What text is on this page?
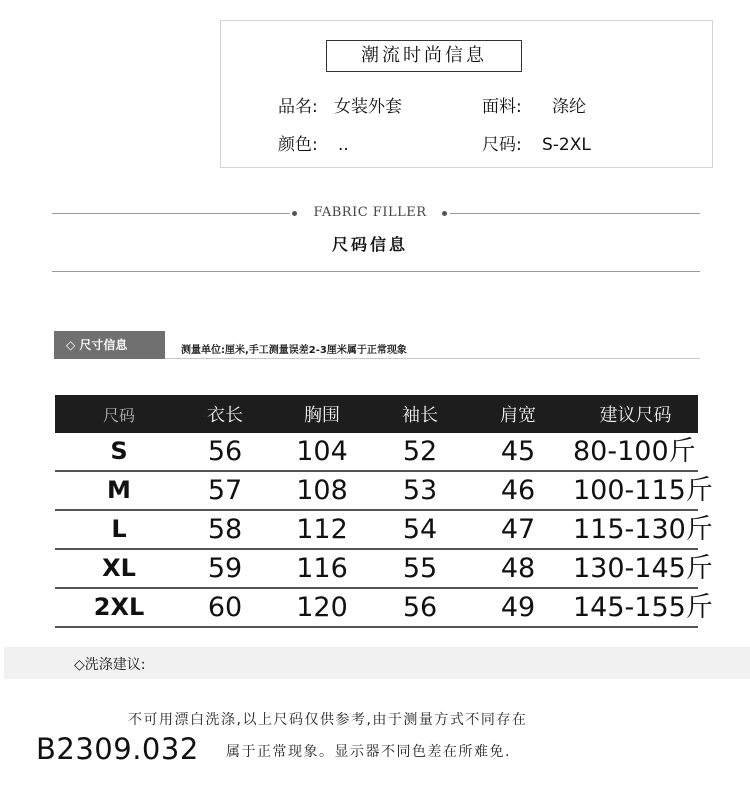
潮流时尚信息
品名: 女装外套	面料: 涤纶
颜色: ..	尺码: S-2XL
FABRIC FILLER
尺码信息
◇ 尺寸信息	测量单位:厘米,手工测量误差2-3厘米属于正常现象
尺码	衣长	胸围	袖长	肩宽	建议尺码
S	56	104	52	45	80-100斤
M	57	108	53	46	100-115斤
L	58	112	54	47	115-130斤
XL	59	116	55	48	130-145斤
2XL	60	120	56	49	145-155斤
◇洗涤建议:
不可用漂白洗涤,以上尺码仅供参考,由于测量方式不同存在
属于正常现象。显示器不同色差在所难免.
B2309.032
